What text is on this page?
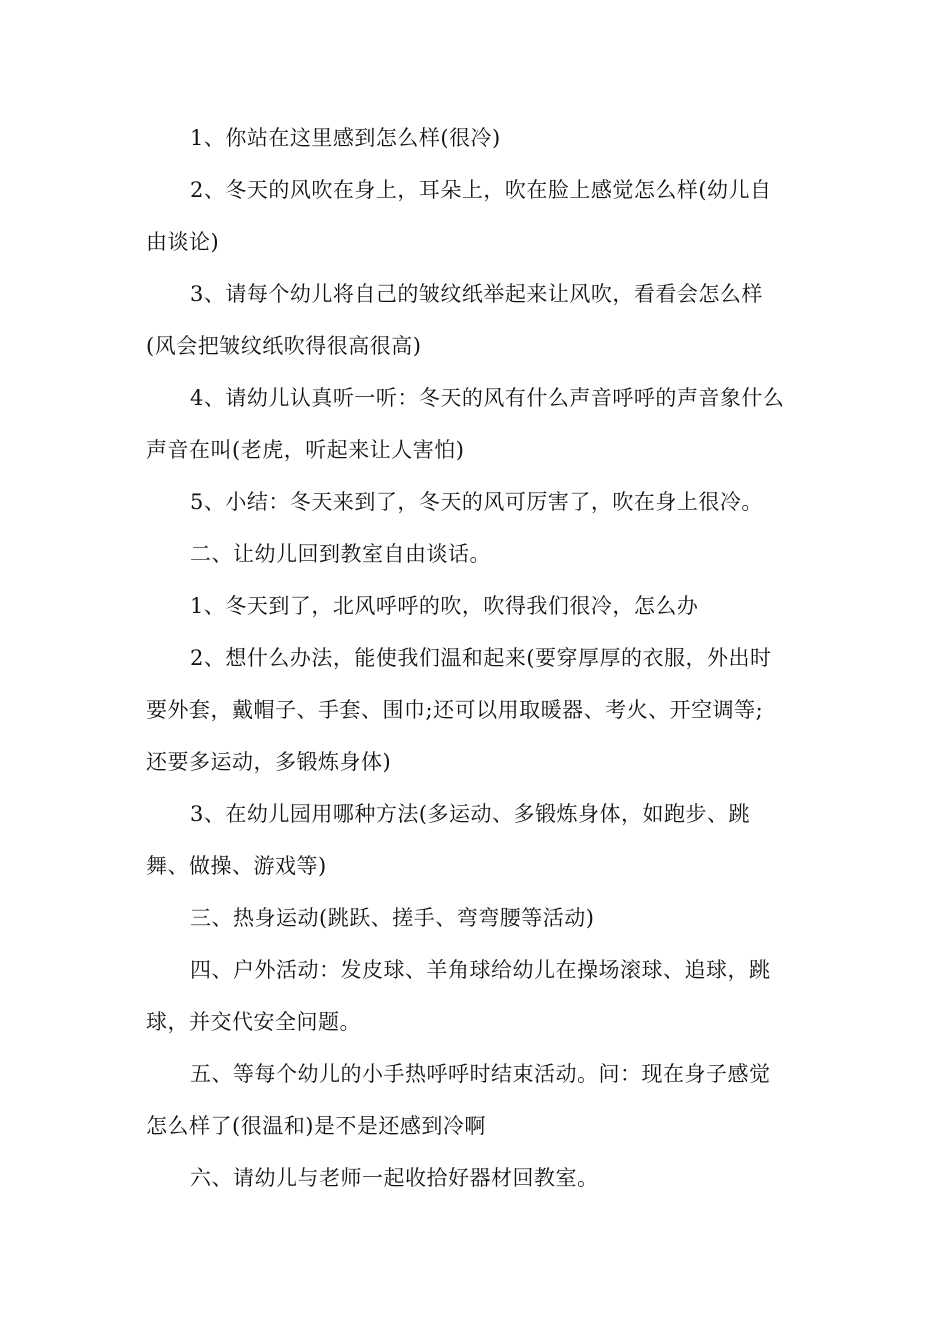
1、你站在这里感到怎么样(很冷)

2、冬天的风吹在身上，耳朵上，吹在脸上感觉怎么样(幼儿自
由谈论)

3、请每个幼儿将自己的皱纹纸举起来让风吹，看看会怎么样
(风会把皱纹纸吹得很高很高)

4、请幼儿认真听一听：冬天的风有什么声音呼呼的声音象什么
声音在叫(老虎，听起来让人害怕)

5、小结：冬天来到了，冬天的风可厉害了，吹在身上很冷。

二、让幼儿回到教室自由谈话。

1、冬天到了，北风呼呼的吹，吹得我们很冷，怎么办

2、想什么办法，能使我们温和起来(要穿厚厚的衣服，外出时
要外套，戴帽子、手套、围巾;还可以用取暖器、考火、开空调等;
还要多运动，多锻炼身体)

3、在幼儿园用哪种方法(多运动、多锻炼身体，如跑步、跳
舞、做操、游戏等)

三、热身运动(跳跃、搓手、弯弯腰等活动)

四、户外活动：发皮球、羊角球给幼儿在操场滚球、追球，跳
球，并交代安全问题。

五、等每个幼儿的小手热呼呼时结束活动。问：现在身子感觉
怎么样了(很温和)是不是还感到冷啊

六、请幼儿与老师一起收拾好器材回教室。
